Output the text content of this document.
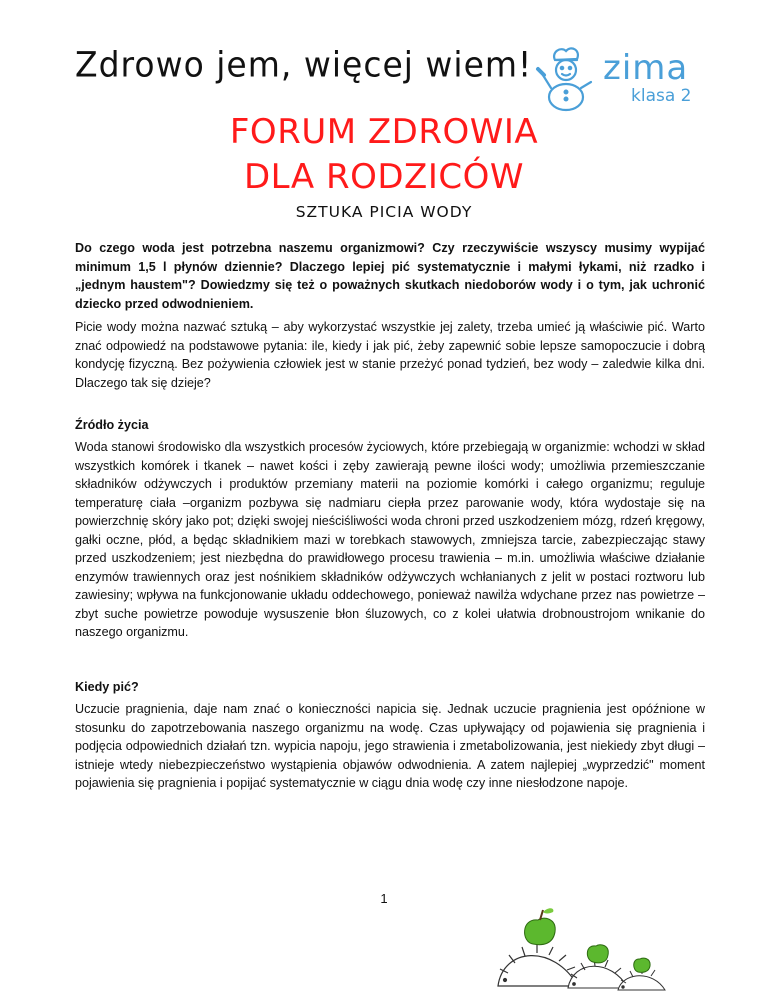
Zdrowo jem, więcej wiem! zima
klasa 2
FORUM ZDROWIA
DLA RODZICÓW
SZTUKA PICIA WODY
Do czego woda jest potrzebna naszemu organizmowi? Czy rzeczywiście wszyscy musimy wypijać minimum 1,5 l płynów dziennie? Dlaczego lepiej pić systematycznie i małymi łykami, niż rzadko i „jednym haustem"? Dowiedzmy się też o poważnych skutkach niedoborów wody i o tym, jak uchronić dziecko przed odwodnieniem.
Picie wody można nazwać sztuką – aby wykorzystać wszystkie jej zalety, trzeba umieć ją właściwie pić. Warto znać odpowiedź na podstawowe pytania: ile, kiedy i jak pić, żeby zapewnić sobie lepsze samopoczucie i dobrą kondycję fizyczną. Bez pożywienia człowiek jest w stanie przeżyć ponad tydzień, bez wody – zaledwie kilka dni. Dlaczego tak się dzieje?
Źródło życia
Woda stanowi środowisko dla wszystkich procesów życiowych, które przebiegają w organizmie: wchodzi w skład wszystkich komórek i tkanek – nawet kości i zęby zawierają pewne ilości wody; umożliwia przemieszczanie składników odżywczych i produktów przemiany materii na poziomie komórki i całego organizmu; reguluje temperaturę ciała –organizm pozbywa się nadmiaru ciepła przez parowanie wody, która wydostaje się na powierzchnię skóry jako pot; dzięki swojej nieściśliwości woda chroni przed uszkodzeniem mózg, rdzeń kręgowy, gałki oczne, płód, a będąc składnikiem mazi w torebkach stawowych, zmniejsza tarcie, zabezpieczając stawy przed uszkodzeniem; jest niezbędna do prawidłowego procesu trawienia – m.in. umożliwia właściwe działanie enzymów trawiennych oraz jest nośnikiem składników odżywczych wchłanianych z jelit w postaci roztworu lub zawiesiny; wpływa na funkcjonowanie układu oddechowego, ponieważ nawilża wdychane przez nas powietrze – zbyt suche powietrze powoduje wysuszenie błon śluzowych, co z kolei ułatwia drobnoustrojom wnikanie do naszego organizmu.
Kiedy pić?
Uczucie pragnienia, daje nam znać o konieczności napicia się. Jednak uczucie pragnienia jest opóźnione w stosunku do zapotrzebowania naszego organizmu na wodę. Czas upływający od pojawienia się pragnienia i podjęcia odpowiednich działań tzn. wypicia napoju, jego strawienia i zmetabolizowania, jest niekiedy zbyt długi – istnieje wtedy niebezpieczeństwo wystąpienia objawów odwodnienia. A zatem najlepiej „wyprzedzić" moment pojawienia się pragnienia i popijać systematycznie w ciągu dnia wodę czy inne niesłodzone napoje.
1
